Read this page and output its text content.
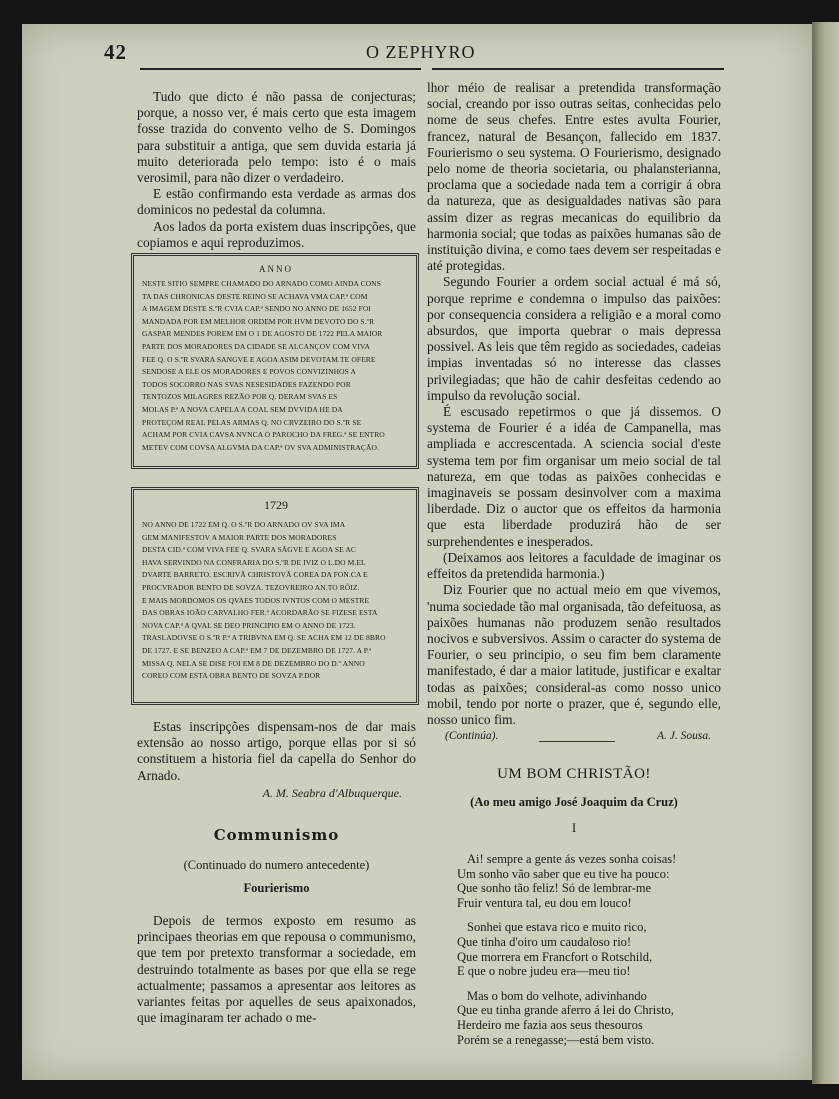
42	O ZEPHYRO

Tudo que dicto é não passa de conjecturas; porque, a nosso ver, é mais certo que esta imagem fosse trazida do convento velho de S. Domingos para substituir a antiga, que sem duvida estaria já muito deteriorada pelo tempo: isto é o mais verosimil, para não dizer o verdadeiro.

E estão confirmando esta verdade as armas dos dominicos no pedestal da columna.

Aos lados da porta existem duas inscripções, que copiamos e aqui reproduzimos.

ANNO
NESTE SITIO SEMPRE CHAMADO DO ARNADO COMO AINDA CONS
TA DAS CHRONICAS DESTE REINO SE ACHAVA VMA CAP.ª COM
A IMAGEM DESTE S.ºR CVIA CAP.ª SENDO NO ANNO DE 1652 FOI
MANDADA POR EM MELHOR ORDEM POR HVM DEVOTO DO S.ºR
GASPAR MENDES POREM EM O 1 DE AGOSTO DE 1722 PELA MAIOR
PARTE DOS MORADORES DA CIDADE SE ALCANÇOV COM VIVA
FEE Q. O S.ºR SVARA SANGVE E AGOA ASIM DEVOTAM.TE OFERE
SENDOSE A ELE OS MORADORES E POVOS CONVIZINHOS A
TODOS SOCORRO NAS SVAS NESESIDADES FAZENDO POR
TENTOZOS MILAGRES REZÃO POR Q. DERAM SVAS ES
MOLAS P.ª A NOVA CAPELA A COAL SEM DVVIDA HE DA
PROTEÇOM REAL PELAS ARMAS Q. NO CRVZEIRO DO S.ºR SE
ACHAM POR CVIA CAVSA NVNCA O PAROCHO DA FREG.ª SE ENTRO
METEV COM COVSA ALGVMA DA CAP.ª OV SVA ADMINISTRAÇÃO.
1729
NO ANNO DE 1722 EM Q. O S.ºR DO ARNADO OV SVA IMA
GEM MANIFESTOV A MAIOR PARTE DOS MORADORES
DESTA CID.ª COM VIVA FEE Q. SVARA SÃGVE E AGOA SE AC
HAVA SERVINDO NA CONFRARIA DO S.ºR DE IVIZ O L.DO M.EL
DVARTE BARRETO. ESCRIVÃ CHRISTOVÃ COREA DA FON.CA E
PROCVRADOR BENTO DE SOVZA. TEZOVREIRO AN.TO RÕIZ.
E MAIS MORDOMOS OS QVAES TODOS IVNTOS COM O MESTRE
DAS OBRAS IOÃO CARVALHO FER.ª ACORDARÃO SE FIZESE ESTA
NOVA CAP.ª A QVAL SE DEO PRINCIPIO EM O ANNO DE 1723.
TRASLADOVSE O S.ºR P.ª A TRIBVNA EM Q. SE ACHA EM 12 DE 8BRO
DE 1727. E SE BENZEO A CAP.ª EM 7 DE DEZEMBRO DE 1727. A P.ª
MISSA Q. NELA SE DISE FOI EM 8 DE DEZEMBRO DO D.º ANNO
COREO COM ESTA OBRA BENTO DE SOVZA P.DOR

Estas inscripções dispensam-nos de dar mais extensão ao nosso artigo, porque ellas por si só constituem a historia fiel da capella do Senhor do Arnado.

A. M. Seabra d'Albuquerque.
Communismo
(Continuado do numero antecedente)
Fourierismo

Depois de termos exposto em resumo as principaes theorias em que repousa o communismo, que tem por pretexto transformar a sociedade, em destruindo totalmente as bases por que ella se rege actualmente; passamos a apresentar aos leitores as variantes feitas por aquelles de seus apaixonados, que imaginaram ter achado o me-

lhor méio de realisar a pretendida transformação social, creando por isso outras seitas, conhecidas pelo nome de seus chefes. Entre estes avulta Fourier, francez, natural de Besançon, fallecido em 1837. Fourierismo o seu systema. O Fourierismo, designado pelo nome de theoria societaria, ou phalansterianna, proclama que a sociedade nada tem a corrigir á obra da natureza, que as desigualdades nativas são para assim dizer as regras mecanicas do equilibrio da harmonia social; que todas as paixões humanas são de instituição divina, e como taes devem ser respeitadas e até protegidas.

Segundo Fourier a ordem social actual é má só, porque reprime e condemna o impulso das paixões: por consequencia considera a religião e a moral como absurdos, que importa quebrar o mais depressa possivel. As leis que têm regido as sociedades, cadeias impias inventadas só no interesse das classes privilegiadas; que hão de cahir desfeitas cedendo ao impulso da revolução social.

É escusado repetirmos o que já dissemos. O systema de Fourier é a idéa de Campanella, mas ampliada e accrescentada. A sciencia social d'este systema tem por fim organisar um meio social de tal natureza, em que todas as paixões conhecidas e imaginaveis se possam desinvolver com a maxima liberdade. Diz o auctor que os effeitos da harmonia que esta liberdade produzirá hão de ser surprehendentes e inesperados.

(Deixamos aos leitores a faculdade de imaginar os effeitos da pretendida harmonia.)

Diz Fourier que no actual meio em que vivemos, 'numa sociedade tão mal organisada, tão defeituosa, as paixões humanas não produzem senão resultados nocivos e subversivos. Assim o caracter do systema de Fourier, o seu principio, o seu fim bem claramente manifestado, é dar a maior latitude, justificar e exaltar todas as paixões; consideral-as como nosso unico mobil, tendo por norte o prazer, que é, segundo elle, nosso unico fim.

(Continúa).	A. J. Sousa.
UM BOM CHRISTÃO!
(Ao meu amigo José Joaquim da Cruz)
I
Ai! sempre a gente ás vezes sonha coisas!
Um sonho vão saber que eu tive ha pouco:
Que sonho tão feliz! Só de lembrar-me
Fruir ventura tal, eu dou em louco!
Sonhei que estava rico e muito rico,
Que tinha d'oiro um caudaloso rio!
Que morrera em Francfort o Rotschild,
E que o nobre judeu era—meu tio!
Mas o bom do velhote, adivinhando
Que eu tinha grande aferro á lei do Christo,
Herdeiro me fazia aos seus thesouros
Porém se a renegasse;—está bem visto.
